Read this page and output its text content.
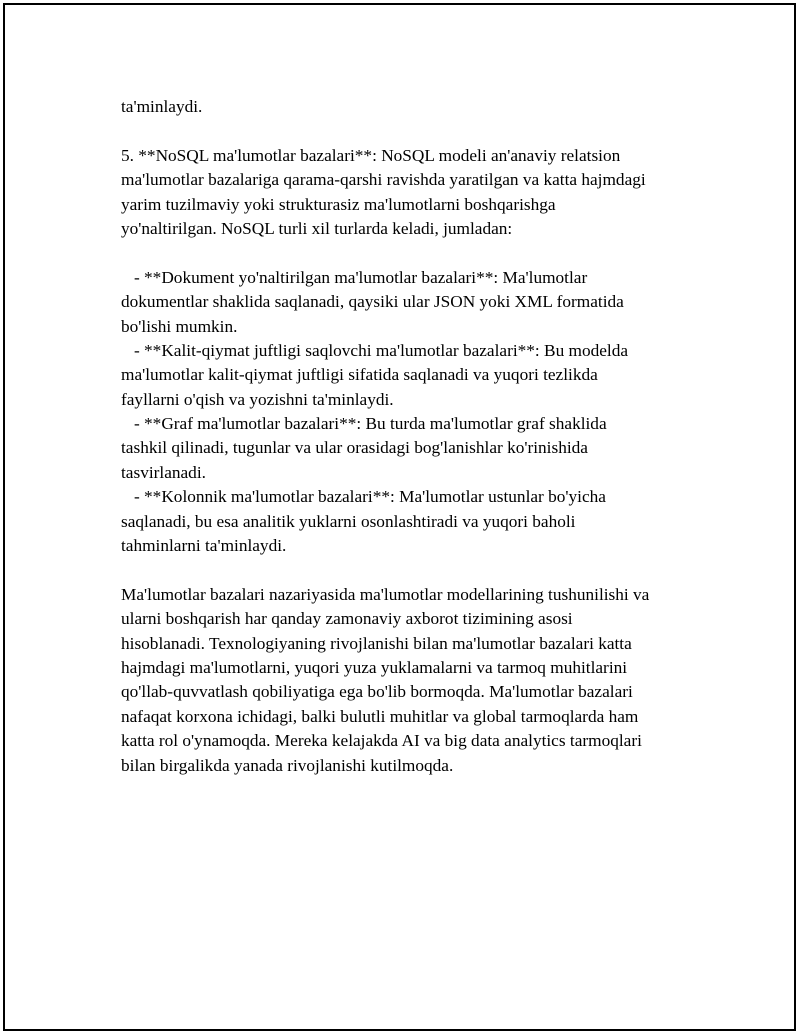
ta'minlaydi.
5. **NoSQL ma'lumotlar bazalari**: NoSQL modeli an'anaviy relatsion
ma'lumotlar bazalariga qarama-qarshi ravishda yaratilgan va katta hajmdagi
yarim tuzilmaviy yoki strukturasiz ma'lumotlarni boshqarishga
yo'naltirilgan. NoSQL turli xil turlarda keladi, jumladan:
- **Dokument yo'naltirilgan ma'lumotlar bazalari**: Ma'lumotlar
dokumentlar shaklida saqlanadi, qaysiki ular JSON yoki XML formatida
bo'lishi mumkin.
- **Kalit-qiymat juftligi saqlovchi ma'lumotlar bazalari**: Bu modelda
ma'lumotlar kalit-qiymat juftligi sifatida saqlanadi va yuqori tezlikda
fayllarni o'qish va yozishni ta'minlaydi.
- **Graf ma'lumotlar bazalari**: Bu turda ma'lumotlar graf shaklida
tashkil qilinadi, tugunlar va ular orasidagi bog'lanishlar ko'rinishida
tasvirlanadi.
- **Kolonnik ma'lumotlar bazalari**: Ma'lumotlar ustunlar bo'yicha
saqlanadi, bu esa analitik yuklarni osonlashtiradi va yuqori baholi
tahminlarni ta'minlaydi.
Ma'lumotlar bazalari nazariyasida ma'lumotlar modellarining tushunilishi va
ularni boshqarish har qanday zamonaviy axborot tizimining asosi
hisoblanadi. Texnologiyaning rivojlanishi bilan ma'lumotlar bazalari katta
hajmdagi ma'lumotlarni, yuqori yuza yuklamalarni va tarmoq muhitlarini
qo'llab-quvvatlash qobiliyatiga ega bo'lib bormoqda. Ma'lumotlar bazalari
nafaqat korxona ichidagi, balki bulutli muhitlar va global tarmoqlarda ham
katta rol o'ynamoqda. Mereka kelajakda AI va big data analytics tarmoqlari
bilan birgalikda yanada rivojlanishi kutilmoqda.
